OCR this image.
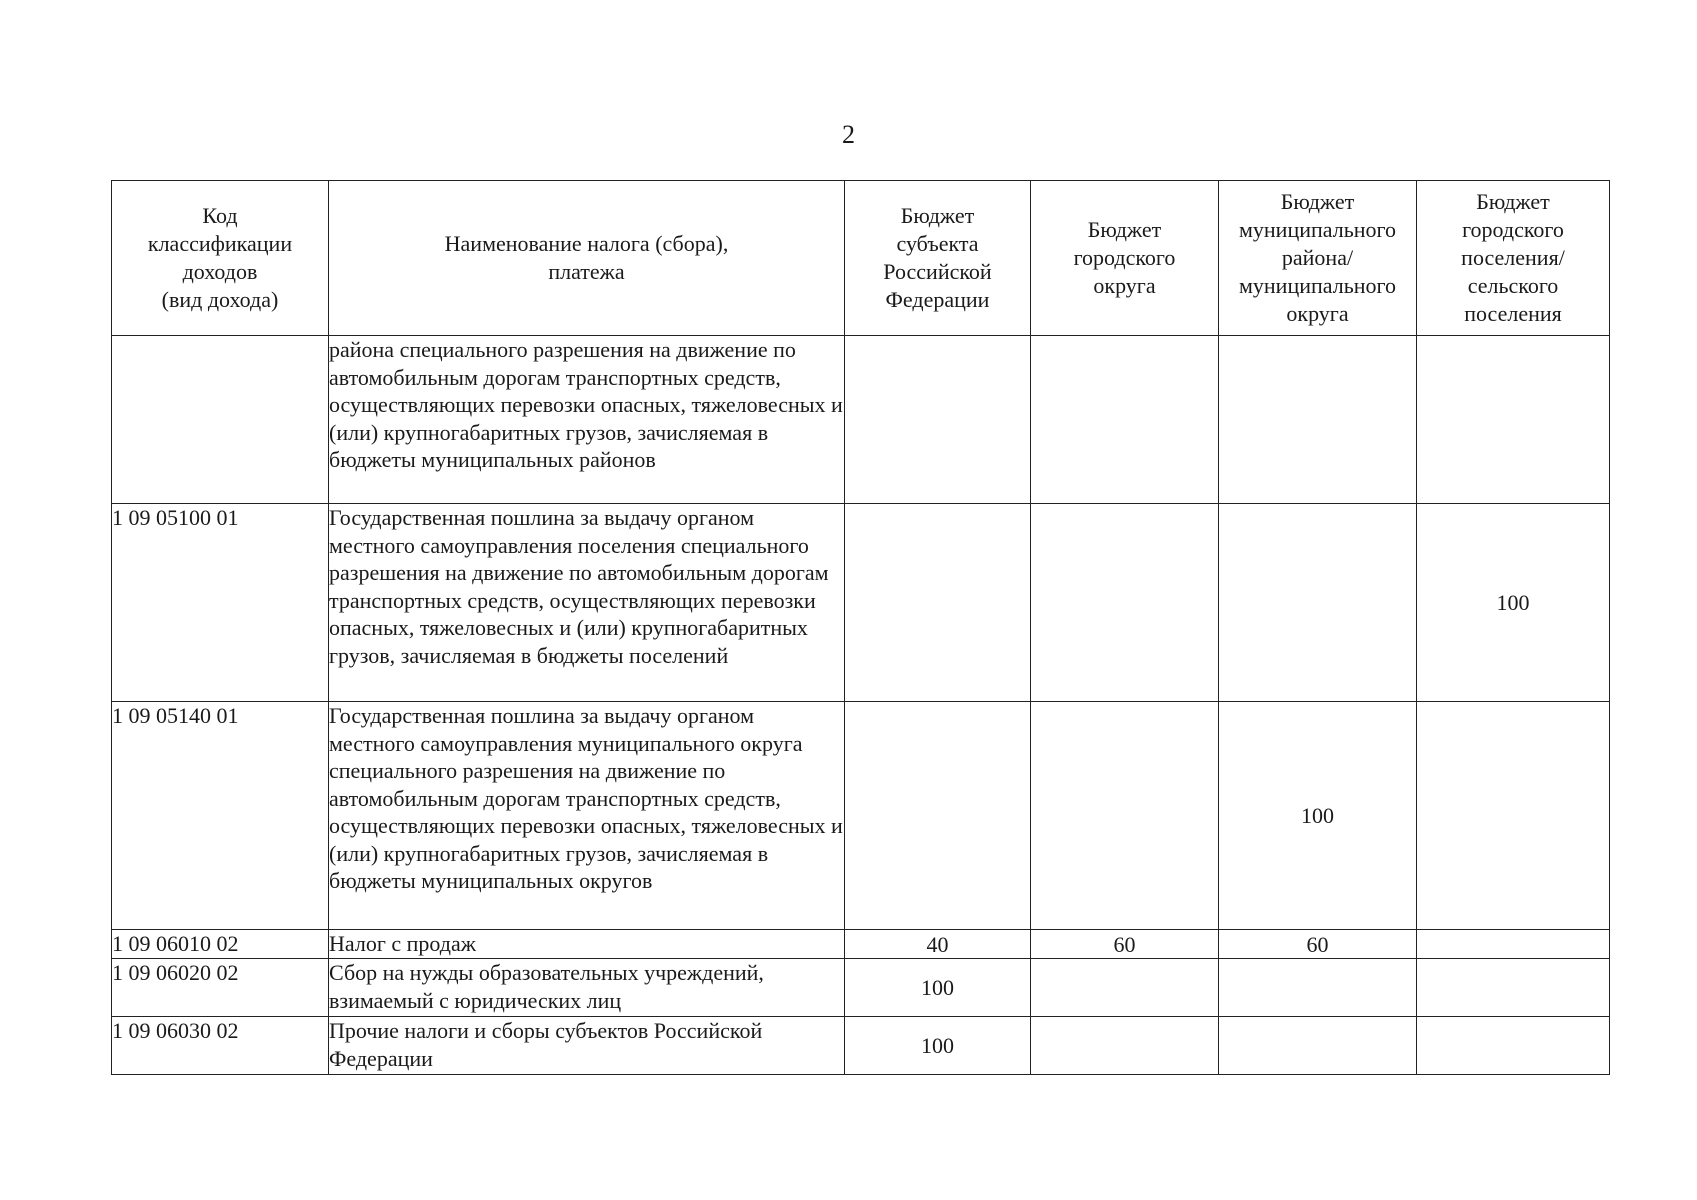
2
Код
классификации
доходов
(вид дохода)	Наименование налога (сбора),
платежа	Бюджет
субъекта
Российской
Федерации	Бюджет
городского
округа	Бюджет
муниципального
района/
муниципального
округа	Бюджет
городского
поселения/
сельского
поселения

	района специального разрешения на движение по автомобильным дорогам транспортных средств, осуществляющих перевозки опасных, тяжеловесных и (или) крупногабаритных грузов, зачисляемая в бюджеты муниципальных районов				
1 09 05100 01	Государственная пошлина за выдачу органом местного самоуправления поселения специального разрешения на движение по автомобильным дорогам транспортных средств, осуществляющих перевозки опасных, тяжеловесных и (или) крупногабаритных грузов, зачисляемая в бюджеты поселений				100
1 09 05140 01	Государственная пошлина за выдачу органом местного самоуправления муниципального округа специального разрешения на движение по автомобильным дорогам транспортных средств, осуществляющих перевозки опасных, тяжеловесных и (или) крупногабаритных грузов, зачисляемая в бюджеты муниципальных округов			100	
1 09 06010 02	Налог с продаж	40	60	60	
1 09 06020 02	Сбор на нужды образовательных учреждений, взимаемый с юридических лиц	100			
1 09 06030 02	Прочие налоги и сборы субъектов Российской Федерации	100			
